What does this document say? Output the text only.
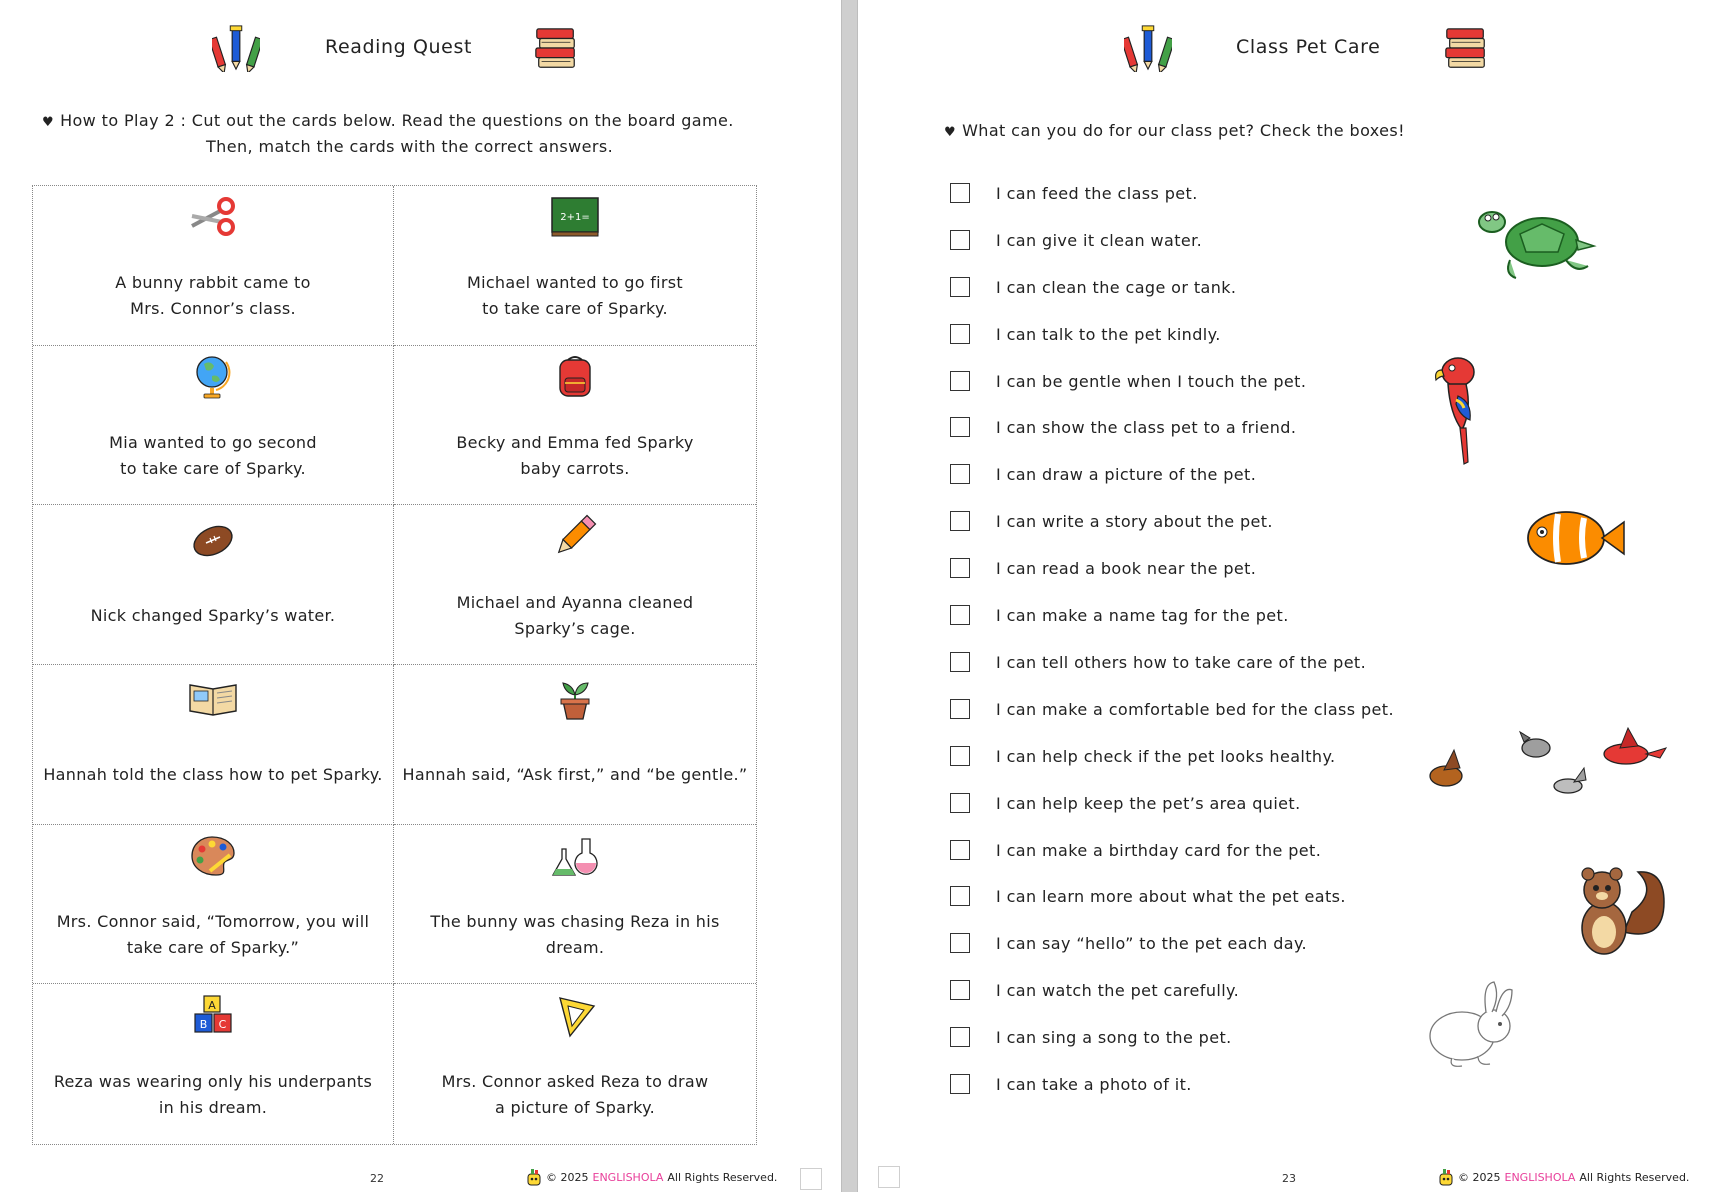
Reading Quest
♥ How to Play 2 : Cut out the cards below. Read the questions on the board game.
Then, match the cards with the correct answers.
A bunny rabbit came to
Mrs. Connor’s class.
2+1=
Michael wanted to go first
to take care of Sparky.
Mia wanted to go second
to take care of Sparky.
Becky and Emma fed Sparky
baby carrots.
Nick changed Sparky’s water.
Michael and Ayanna cleaned
Sparky’s cage.
Hannah told the class how to pet Sparky.	Hannah said, “Ask first,” and “be gentle.”
Mrs. Connor said, “Tomorrow, you will
take care of Sparky.”
The bunny was chasing Reza in his
dream.
A
B C
Reza was wearing only his underpants
in his dream.
Mrs. Connor asked Reza to draw
a picture of Sparky.
22	© 2025 ENGLISHOLA All Rights Reserved.
Class Pet Care
♥ What can you do for our class pet? Check the boxes!
I can feed the class pet.
I can give it clean water.
I can clean the cage or tank.
I can talk to the pet kindly.
I can be gentle when I touch the pet.
I can show the class pet to a friend.
I can draw a picture of the pet.
I can write a story about the pet.
I can read a book near the pet.
I can make a name tag for the pet.
I can tell others how to take care of the pet.
I can make a comfortable bed for the class pet.
I can help check if the pet looks healthy.
I can help keep the pet’s area quiet.
I can make a birthday card for the pet.
I can learn more about what the pet eats.
I can say “hello” to the pet each day.
I can watch the pet carefully.
I can sing a song to the pet.
I can take a photo of it.
23	© 2025 ENGLISHOLA All Rights Reserved.
